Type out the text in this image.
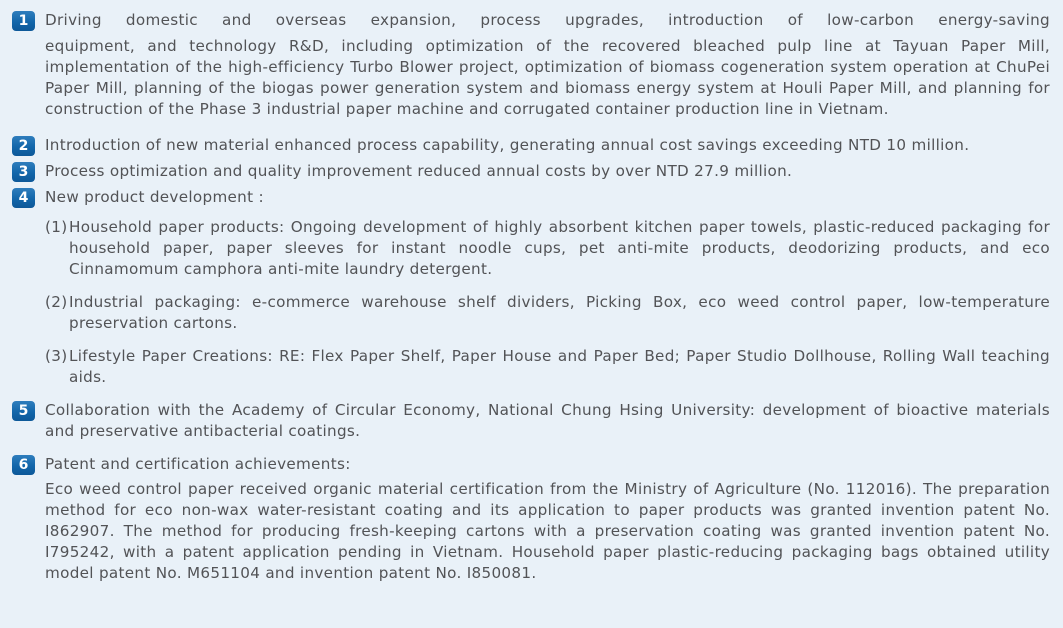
1	Driving domestic and overseas expansion, process upgrades, introduction of low-carbon energy-saving

equipment, and technology R&D, including optimization of the recovered bleached pulp line at Tayuan Paper Mill, implementation of the high-efficiency Turbo Blower project, optimization of biomass cogeneration system operation at ChuPei Paper Mill, planning of the biogas power generation system and biomass energy system at Houli Paper Mill, and planning for construction of the Phase 3 industrial paper machine and corrugated container production line in Vietnam.

2	Introduction of new material enhanced process capability, generating annual cost savings exceeding NTD 10 million.

3	Process optimization and quality improvement reduced annual costs by over NTD 27.9 million.

4	New product development :

(1) Household paper products: Ongoing development of highly absorbent kitchen paper towels, plastic-reduced packaging for household paper, paper sleeves for instant noodle cups, pet anti-mite products, deodorizing products, and eco Cinnamomum camphora anti-mite laundry detergent.

(2) Industrial packaging: e-commerce warehouse shelf dividers, Picking Box, eco weed control paper, low-temperature preservation cartons.

(3) Lifestyle Paper Creations: RE: Flex Paper Shelf, Paper House and Paper Bed; Paper Studio Dollhouse, Rolling Wall teaching aids.

5	Collaboration with the Academy of Circular Economy, National Chung Hsing University: development of bioactive materials and preservative antibacterial coatings.

6	Patent and certification achievements:

Eco weed control paper received organic material certification from the Ministry of Agriculture (No. 112016). The preparation method for eco non-wax water-resistant coating and its application to paper products was granted invention patent No. I862907. The method for producing fresh-keeping cartons with a preservation coating was granted invention patent No. I795242, with a patent application pending in Vietnam. Household paper plastic-reducing packaging bags obtained utility model patent No. M651104 and invention patent No. I850081.
